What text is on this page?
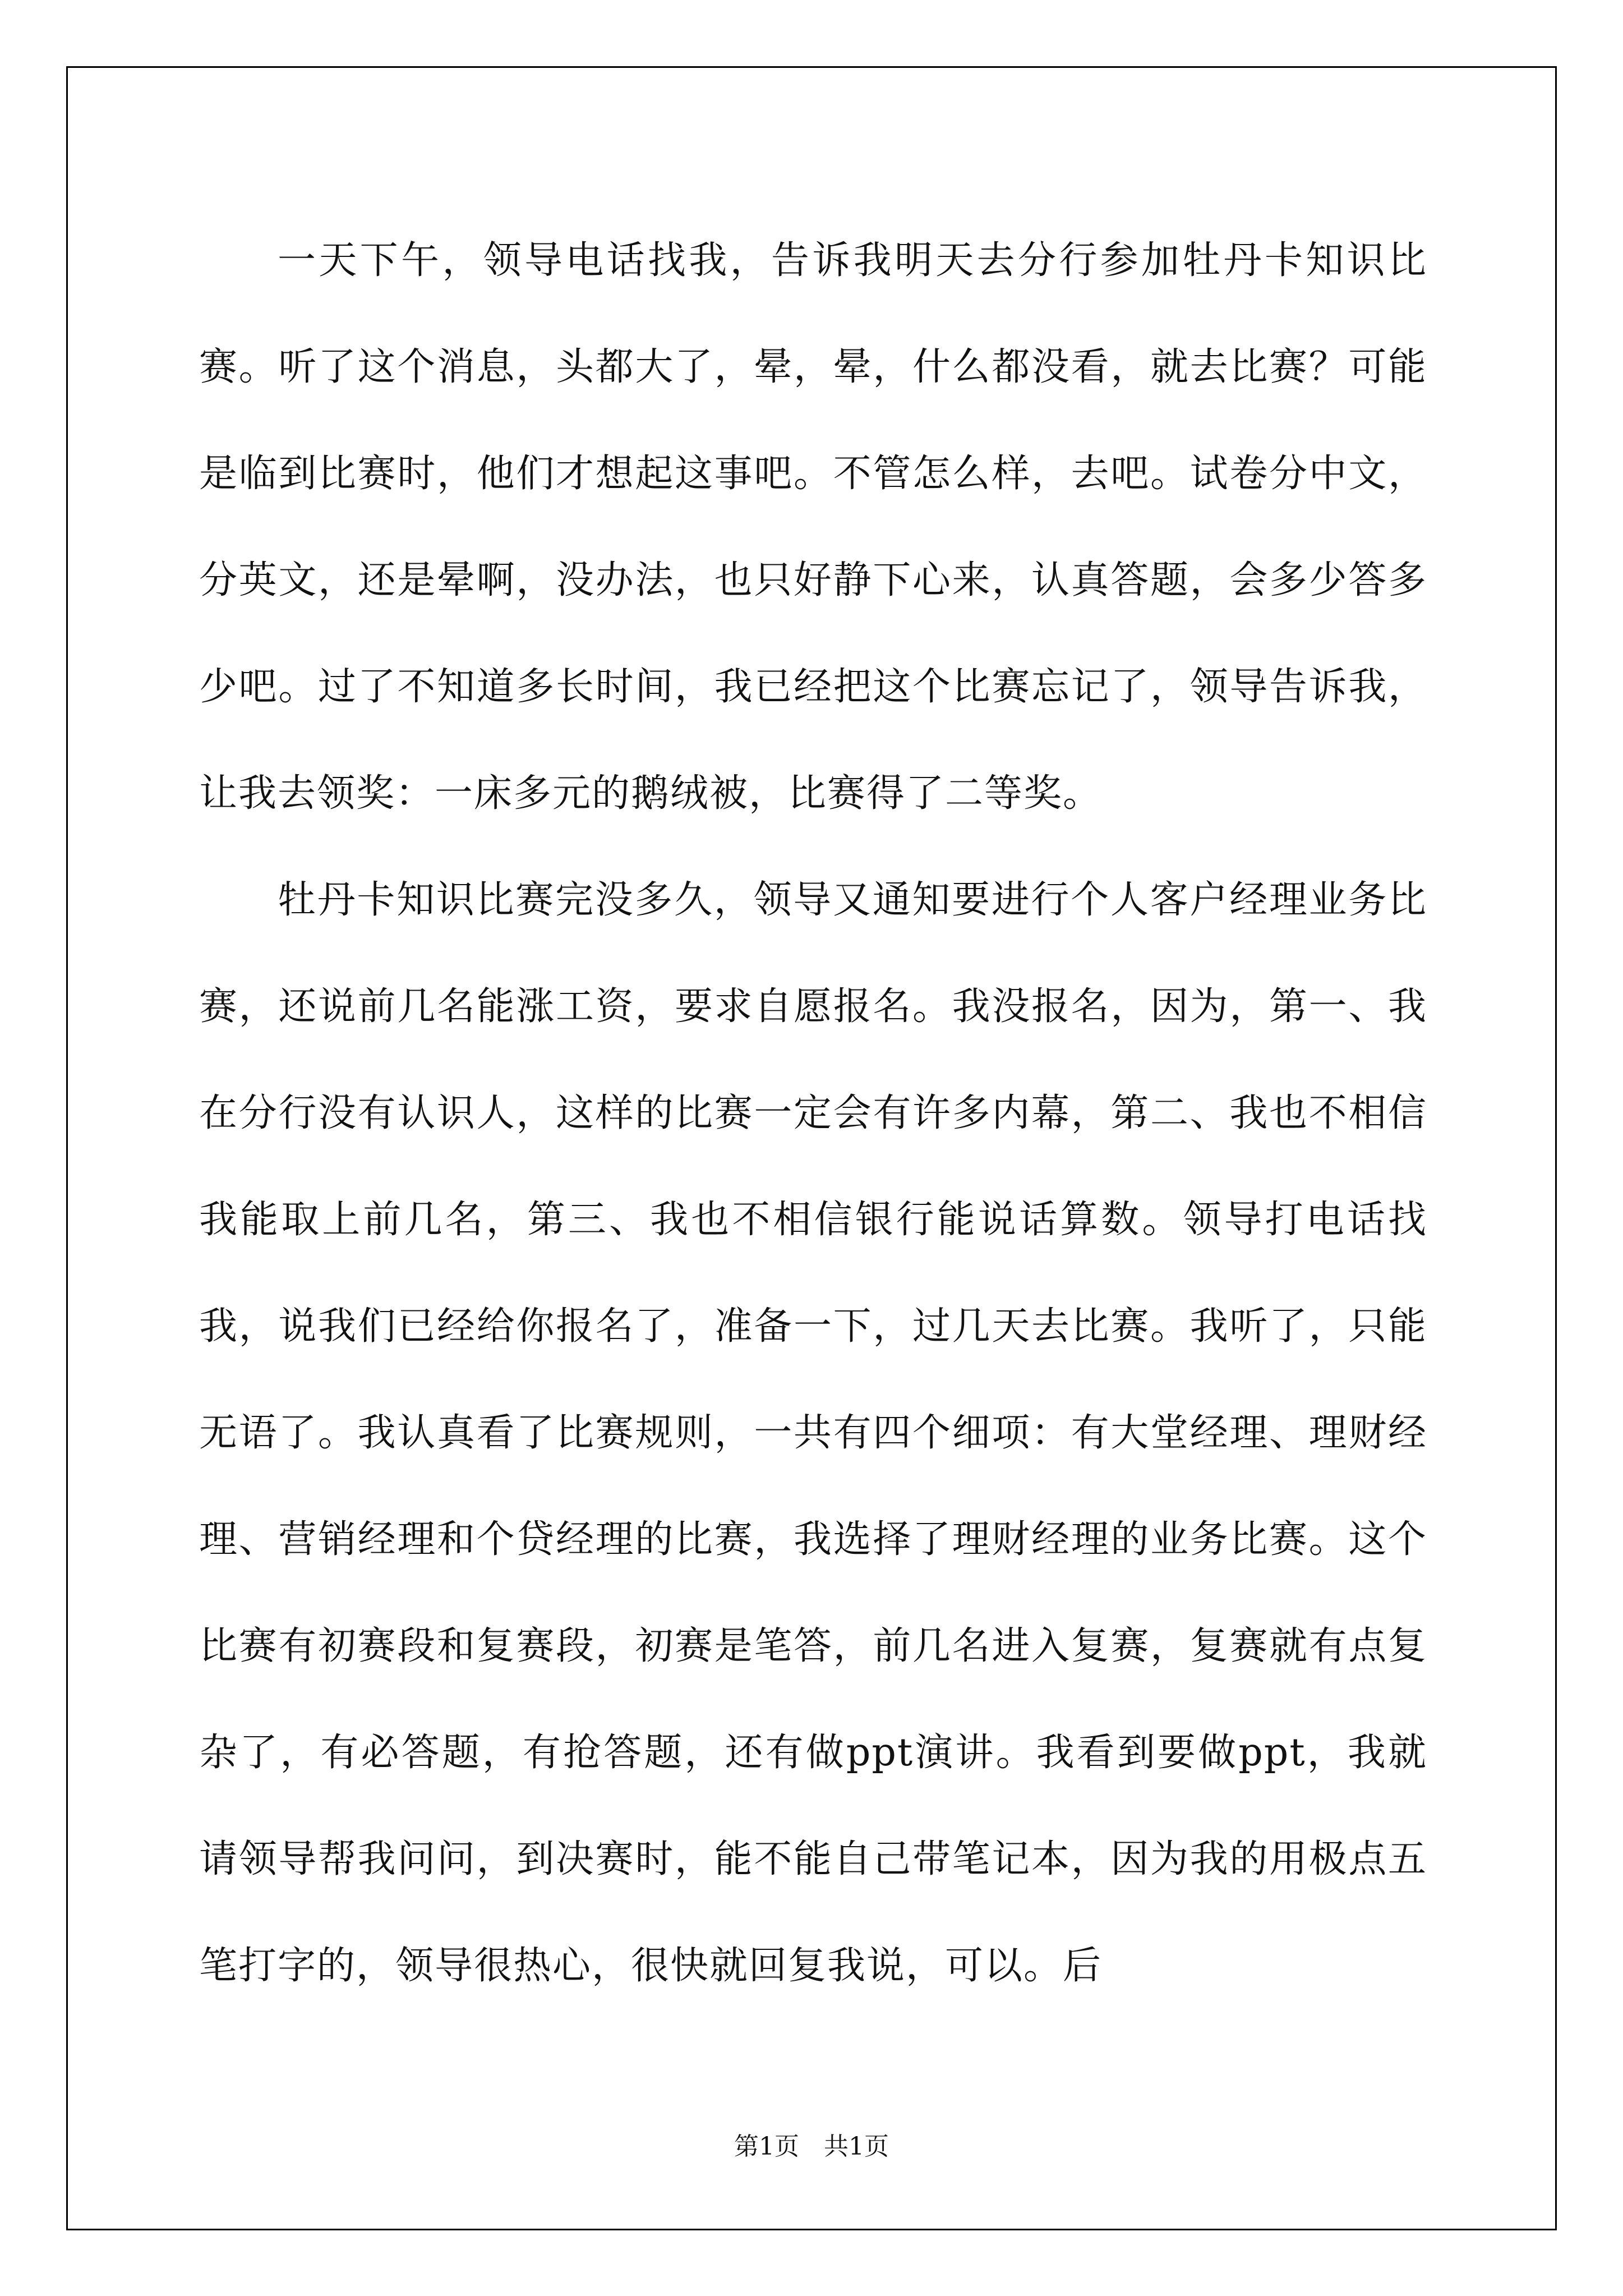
一天下午，领导电话找我，告诉我明天去分行参加牡丹卡知识比赛。听了这个消息，头都大了，晕，晕，什么都没看，就去比赛？可能是临到比赛时，他们才想起这事吧。不管怎么样，去吧。试卷分中文，分英文，还是晕啊，没办法，也只好静下心来，认真答题，会多少答多少吧。过了不知道多长时间，我已经把这个比赛忘记了，领导告诉我，让我去领奖：一床多元的鹅绒被，比赛得了二等奖。

牡丹卡知识比赛完没多久，领导又通知要进行个人客户经理业务比赛，还说前几名能涨工资，要求自愿报名。我没报名，因为，第一、我在分行没有认识人，这样的比赛一定会有许多内幕，第二、我也不相信我能取上前几名，第三、我也不相信银行能说话算数。领导打电话找我，说我们已经给你报名了，准备一下，过几天去比赛。我听了，只能无语了。我认真看了比赛规则，一共有四个细项：有大堂经理、理财经理、营销经理和个贷经理的比赛，我选择了理财经理的业务比赛。这个比赛有初赛段和复赛段，初赛是笔答，前几名进入复赛，复赛就有点复杂了，有必答题，有抢答题，还有做ppt演讲。我看到要做ppt，我就请领导帮我问问，到决赛时，能不能自己带笔记本，因为我的用极点五笔打字的，领导很热心，很快就回复我说，可以。后

第1页 共1页
